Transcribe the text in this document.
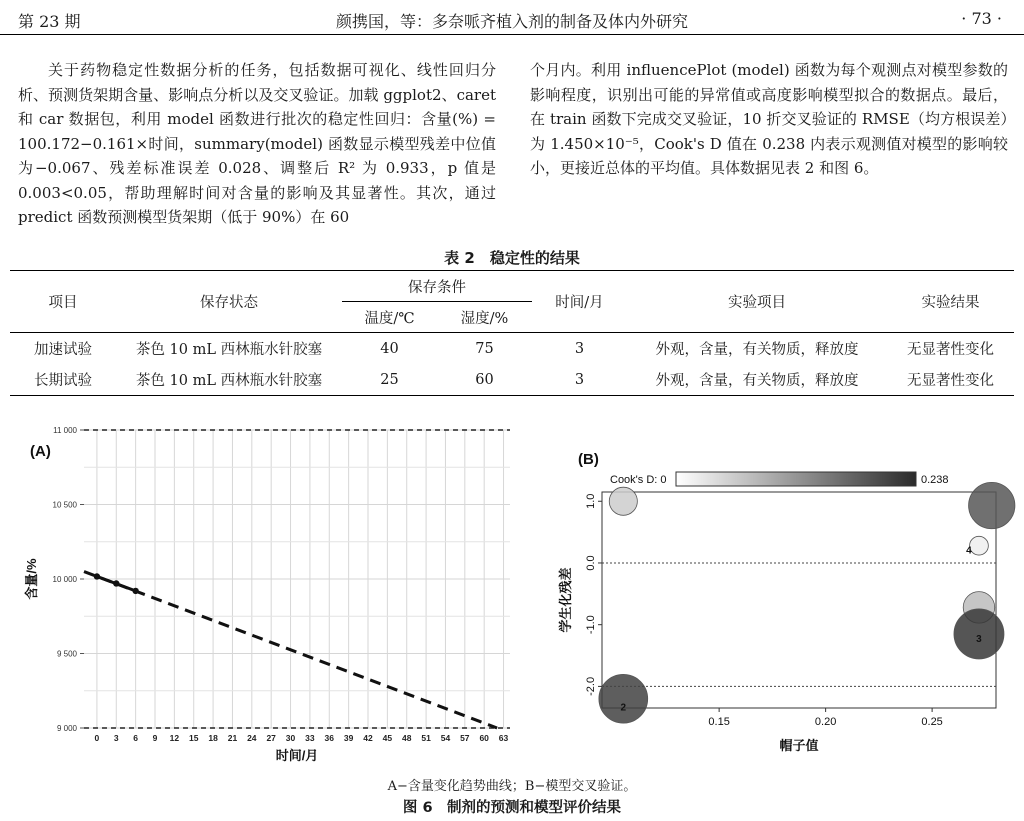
第 23 期	颜携国，等：多奈哌齐植入剂的制备及体内外研究	· 73 ·

关于药物稳定性数据分析的任务，包括数据可视化、线性回归分析、预测货架期含量、影响点分析以及交叉验证。加载 ggplot2、caret 和 car 数据包，利用 model 函数进行批次的稳定性回归：含量(%) = 100.172−0.161×时间，summary(model) 函数显示模型残差中位值为−0.067、残差标准误差 0.028、调整后 R² 为 0.933，p 值是 0.003<0.05，帮助理解时间对含量的影响及其显著性。其次，通过 predict 函数预测模型货架期（低于 90%）在 60

个月内。利用 influencePlot (model) 函数为每个观测点对模型参数的影响程度，识别出可能的异常值或高度影响模型拟合的数据点。最后，在 train 函数下完成交叉验证，10 折交叉验证的 RMSE（均方根误差）为 1.450×10⁻⁵，Cook's D 值在 0.238 内表示观测值对模型的影响较小，更接近总体的平均值。具体数据见表 2 和图 6。

表 2　稳定性的结果
项目	保存状态	保存条件		时间/月	实验项目	实验结果
		温度/℃	湿度/%			
加速试验	茶色 10 mL 西林瓶水针胶塞	40	75	3	外观，含量，有关物质，释放度	无显著性变化
长期试验	茶色 10 mL 西林瓶水针胶塞	25	60	3	外观，含量，有关物质，释放度	无显著性变化
9 000
9 500
10 000
10 500
11 000
0 3 6 9 12 15 18 21 24 27 30 33 36 39 42 45 48 51 54 57 60 63
(A)
时间/月
含量/%
(B)
Cook's D: 0	0.238
4
3
2
0.15	0.20	0.25
-2.0
-1.0
0.0
1.0
帽子值
学生化残差
A−含量变化趋势曲线；B−模型交叉验证。
图 6　制剂的预测和模型评价结果
